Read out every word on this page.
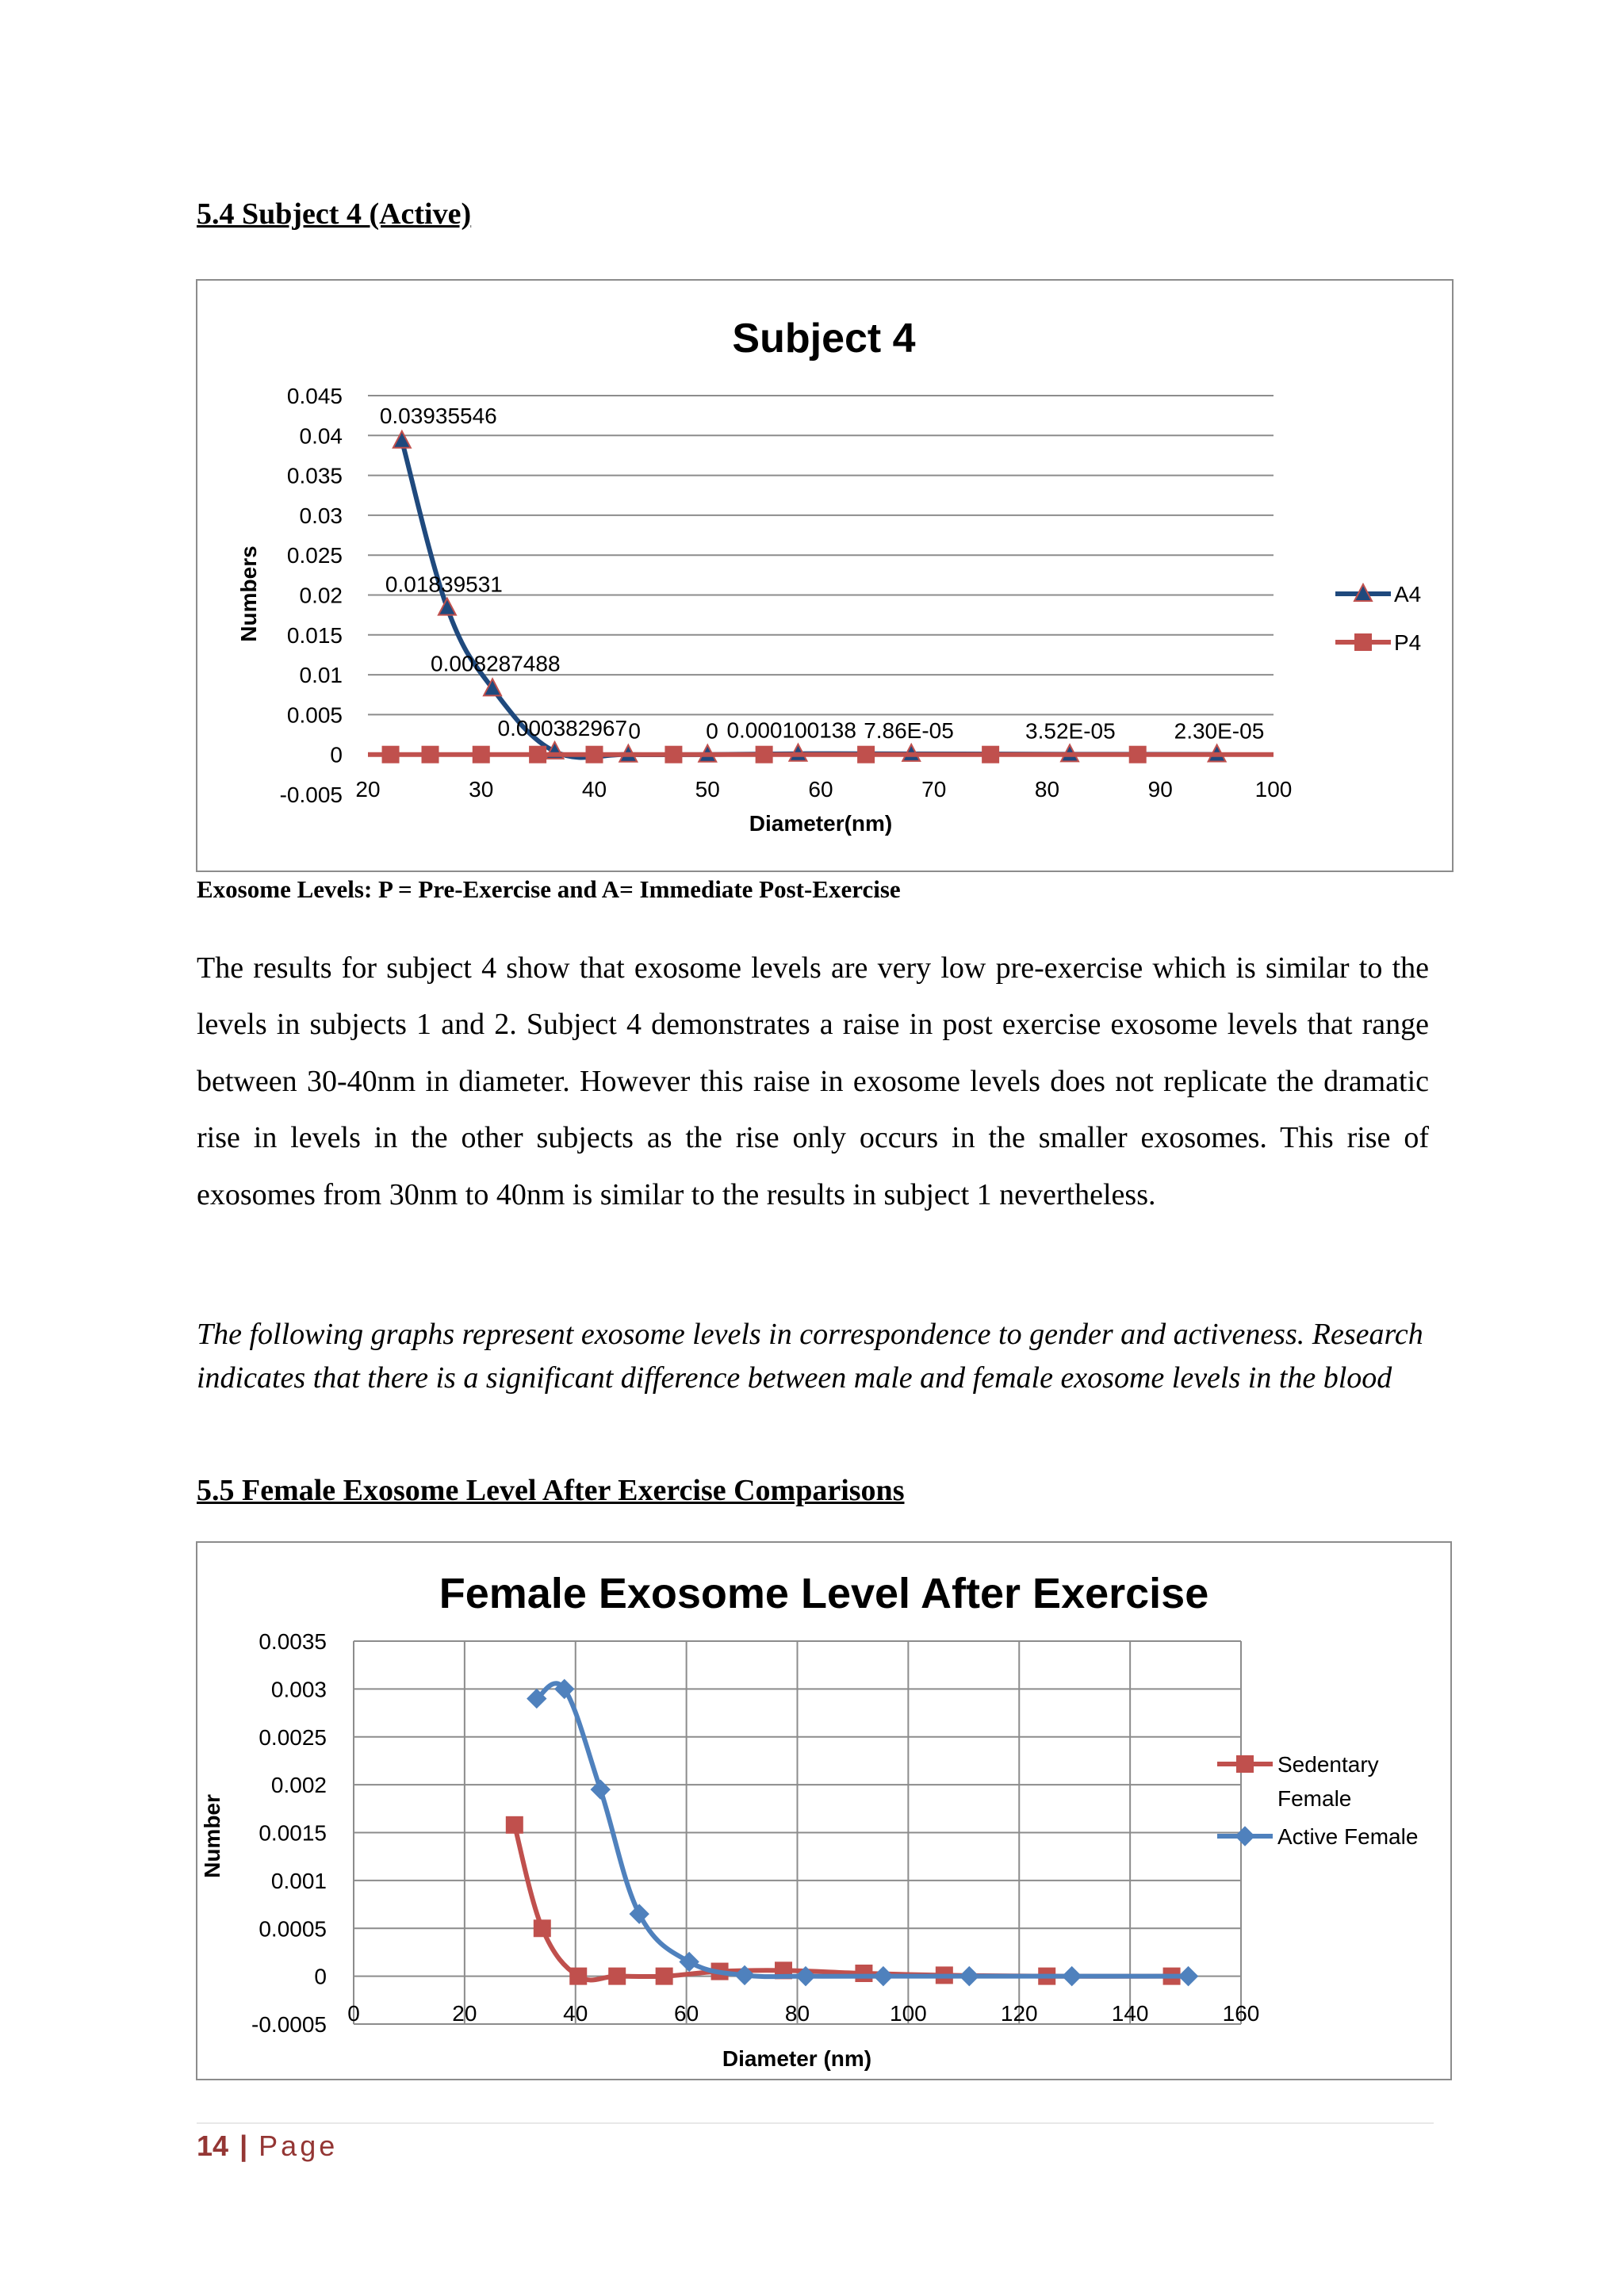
5.4 Subject 4 (Active)
Subject 4
-0.005
0
0.005
0.01
0.015
0.02
0.025
0.03
0.035
0.04
0.045
20	30	40	50	60	70	80	90	100
Diameter(nm)
Numbers
0.03935546
0.01839531
0.008287488
0.000382967 0	0 0.000100138 7.86E-05	3.52E-05	2.30E-05
A4
P4
Exosome Levels: P = Pre-Exercise and A= Immediate Post-Exercise
The results for subject 4 show that exosome levels are very low pre-exercise which is similar to the levels in subjects 1 and 2. Subject 4 demonstrates a raise in post exercise exosome levels that range between 30-40nm in diameter. However this raise in exosome levels does not replicate the dramatic rise in levels in the other subjects as the rise only occurs in the smaller exosomes. This rise of exosomes from 30nm to 40nm is similar to the results in subject 1 nevertheless.
The following graphs represent exosome levels in correspondence to gender and activeness. Research indicates that there is a significant difference between male and female exosome levels in the blood
5.5 Female Exosome Level After Exercise Comparisons
Female Exosome Level After Exercise
-0.0005
0
0.0005
0.001
0.0015
0.002
0.0025
0.003
0.0035
0	20	40	60	80	100	120	140	160
Diameter (nm)
Number
Sedentary Female
Active Female
14 | Page
